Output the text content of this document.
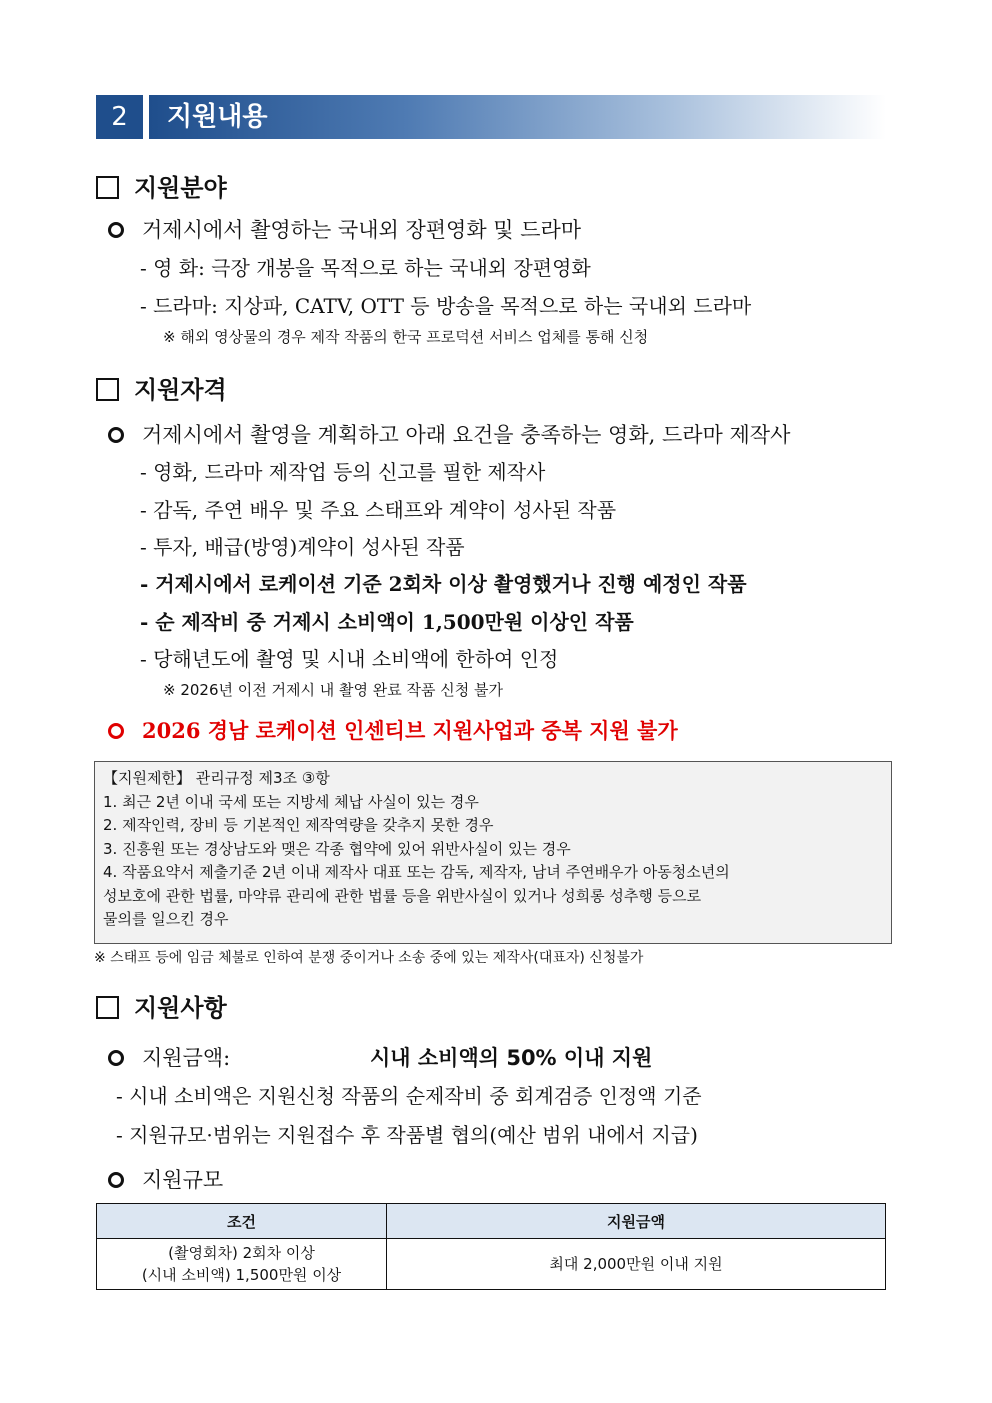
2	지원내용
지원분야
거제시에서 촬영하는 국내외 장편영화 및 드라마
- 영 화: 극장 개봉을 목적으로 하는 국내외 장편영화
- 드라마: 지상파, CATV, OTT 등 방송을 목적으로 하는 국내외 드라마
※ 해외 영상물의 경우 제작 작품의 한국 프로덕션 서비스 업체를 통해 신청
지원자격
거제시에서 촬영을 계획하고 아래 요건을 충족하는 영화, 드라마 제작사
- 영화, 드라마 제작업 등의 신고를 필한 제작사
- 감독, 주연 배우 및 주요 스태프와 계약이 성사된 작품
- 투자, 배급(방영)계약이 성사된 작품
- 거제시에서 로케이션 기준 2회차 이상 촬영했거나 진행 예정인 작품
- 순 제작비 중 거제시 소비액이 1,500만원 이상인 작품
- 당해년도에 촬영 및 시내 소비액에 한하여 인정
※ 2026년 이전 거제시 내 촬영 완료 작품 신청 불가
2026 경남 로케이션 인센티브 지원사업과 중복 지원 불가
【지원제한】 관리규정 제3조 ③항
1. 최근 2년 이내 국세 또는 지방세 체납 사실이 있는 경우
2. 제작인력, 장비 등 기본적인 제작역량을 갖추지 못한 경우
3. 진흥원 또는 경상남도와 맺은 각종 협약에 있어 위반사실이 있는 경우
4. 작품요약서 제출기준 2년 이내 제작사 대표 또는 감독, 제작자, 남녀 주연배우가 아동청소년의
성보호에 관한 법률, 마약류 관리에 관한 법률 등을 위반사실이 있거나 성희롱 성추행 등으로
물의를 일으킨 경우
※ 스태프 등에 임금 체불로 인하여 분쟁 중이거나 소송 중에 있는 제작사(대표자) 신청불가
지원사항
지원금액:	시내 소비액의 50% 이내 지원
- 시내 소비액은 지원신청 작품의 순제작비 중 회계검증 인정액 기준
- 지원규모·범위는 지원접수 후 작품별 협의(예산 범위 내에서 지급)
지원규모
조건	지원금액

(촬영회차) 2회차 이상
(시내 소비액) 1,500만원 이상	최대 2,000만원 이내 지원
